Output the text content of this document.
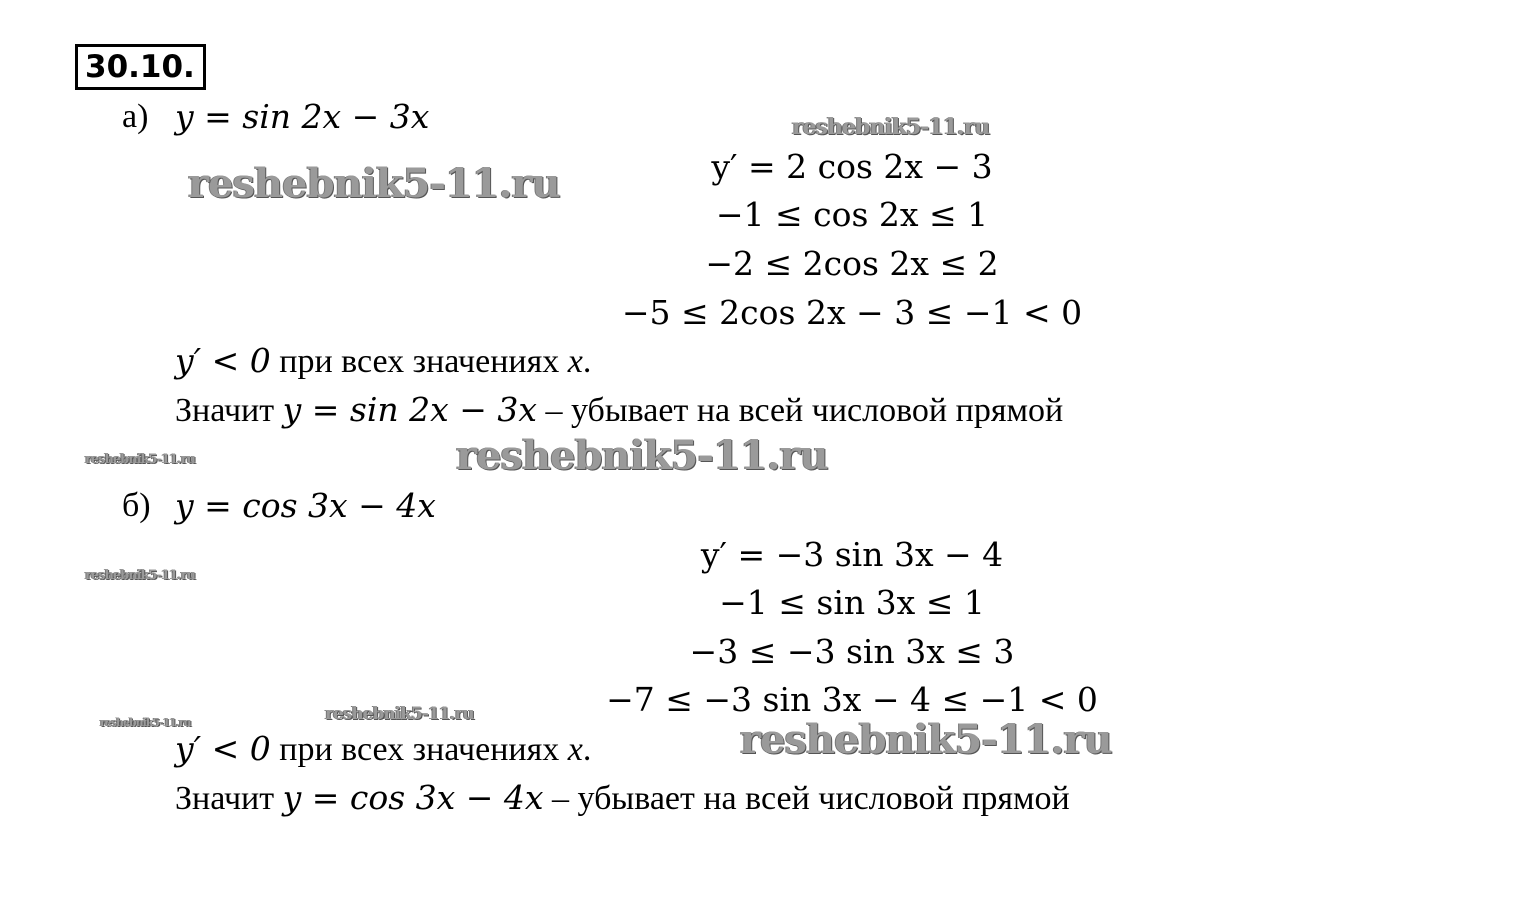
30.10.
а) y = sin 2x − 3x
y′ = 2 cos 2x − 3
−1 ≤ cos 2x ≤ 1
−2 ≤ 2cos 2x ≤ 2
−5 ≤ 2cos 2x − 3 ≤ −1 < 0
y′ < 0 при всех значениях x.
Значит y = sin 2x − 3x – убывает на всей числовой прямой
б) y = cos 3x − 4x
y′ = −3 sin 3x − 4
−1 ≤ sin 3x ≤ 1
−3 ≤ −3 sin 3x ≤ 3
−7 ≤ −3 sin 3x − 4 ≤ −1 < 0
y′ < 0 при всех значениях x.
Значит y = cos 3x − 4x – убывает на всей числовой прямой
reshebnik5-11.ru
reshebnik5-11.ru
reshebnik5-11.ru	reshebnik5-11.ru
reshebnik5-11.ru
reshebnik5-11.ru	reshebnik5-11.ru
reshebnik5-11.ru
